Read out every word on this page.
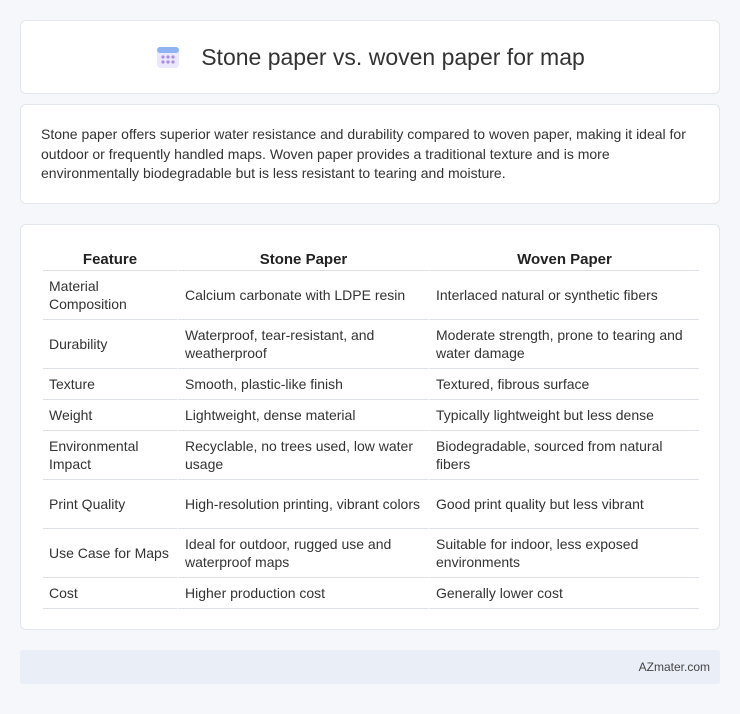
Stone paper vs. woven paper for map

Stone paper offers superior water resistance and durability compared to woven paper, making it ideal for outdoor or frequently handled maps. Woven paper provides a traditional texture and is more environmentally biodegradable but is less resistant to tearing and moisture.

Feature	Stone Paper	Woven Paper
Material Composition	Calcium carbonate with LDPE resin	Interlaced natural or synthetic fibers
Durability	Waterproof, tear-resistant, and weatherproof	Moderate strength, prone to tearing and water damage
Texture	Smooth, plastic-like finish	Textured, fibrous surface
Weight	Lightweight, dense material	Typically lightweight but less dense
Environmental Impact	Recyclable, no trees used, low water usage	Biodegradable, sourced from natural fibers
Print Quality	High-resolution printing, vibrant colors	Good print quality but less vibrant
Use Case for Maps	Ideal for outdoor, rugged use and waterproof maps	Suitable for indoor, less exposed environments
Cost	Higher production cost	Generally lower cost
AZmater.com
